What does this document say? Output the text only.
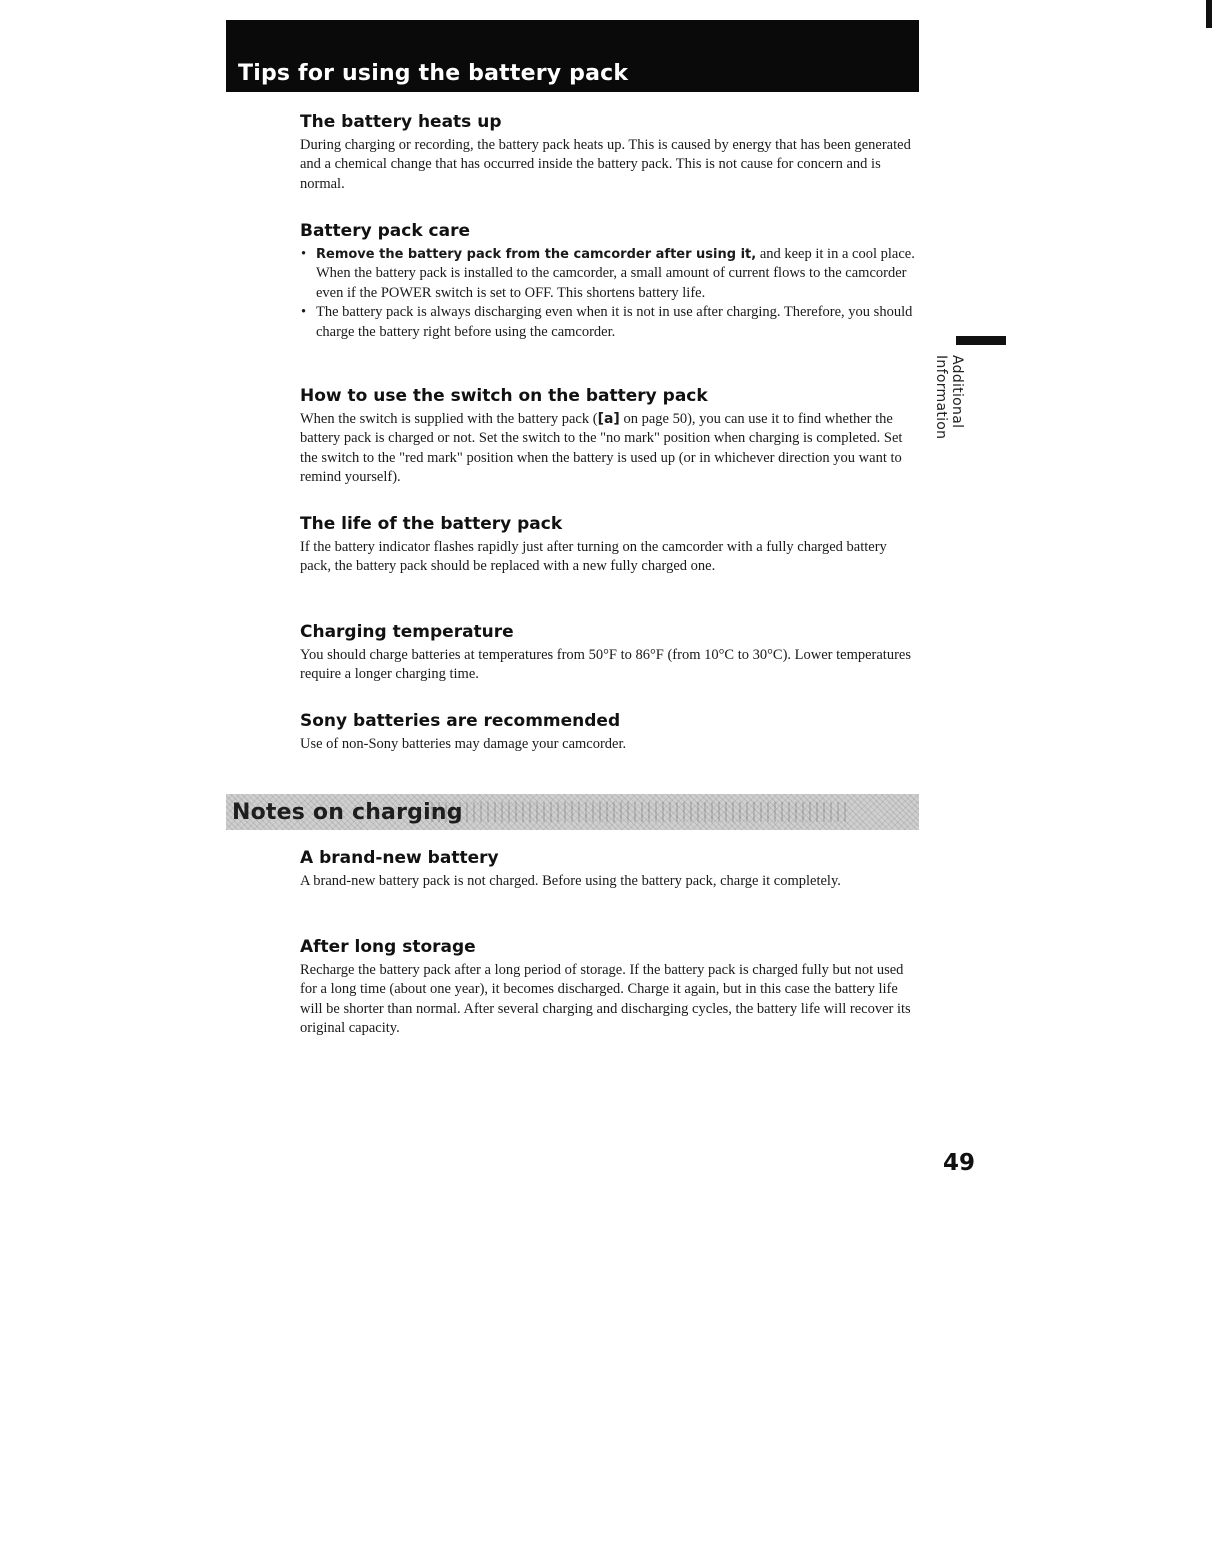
Tips for using the battery pack
The battery heats up

During charging or recording, the battery pack heats up. This is caused by energy that has been generated and a chemical change that has occurred inside the battery pack. This is not cause for concern and is normal.

Battery pack care
• Remove the battery pack from the camcorder after using it, and keep it in a cool place. When the battery pack is installed to the camcorder, a small amount of current flows to the camcorder even if the POWER switch is set to OFF. This shortens battery life.
• The battery pack is always discharging even when it is not in use after charging. Therefore, you should charge the battery right before using the camcorder.
How to use the switch on the battery pack

When the switch is supplied with the battery pack ([a] on page 50), you can use it to find whether the battery pack is charged or not. Set the switch to the "no mark" position when charging is completed. Set the switch to the "red mark" position when the battery is used up (or in whichever direction you want to remind yourself).

The life of the battery pack

If the battery indicator flashes rapidly just after turning on the camcorder with a fully charged battery pack, the battery pack should be replaced with a new fully charged one.

Charging temperature

You should charge batteries at temperatures from 50°F to 86°F (from 10°C to 30°C). Lower temperatures require a longer charging time.

Sony batteries are recommended

Use of non-Sony batteries may damage your camcorder.

Notes on charging
A brand-new battery

A brand-new battery pack is not charged. Before using the battery pack, charge it completely.

After long storage

Recharge the battery pack after a long period of storage. If the battery pack is charged fully but not used for a long time (about one year), it becomes discharged. Charge it again, but in this case the battery life will be shorter than normal. After several charging and discharging cycles, the battery life will recover its original capacity.

Additional Information
49
